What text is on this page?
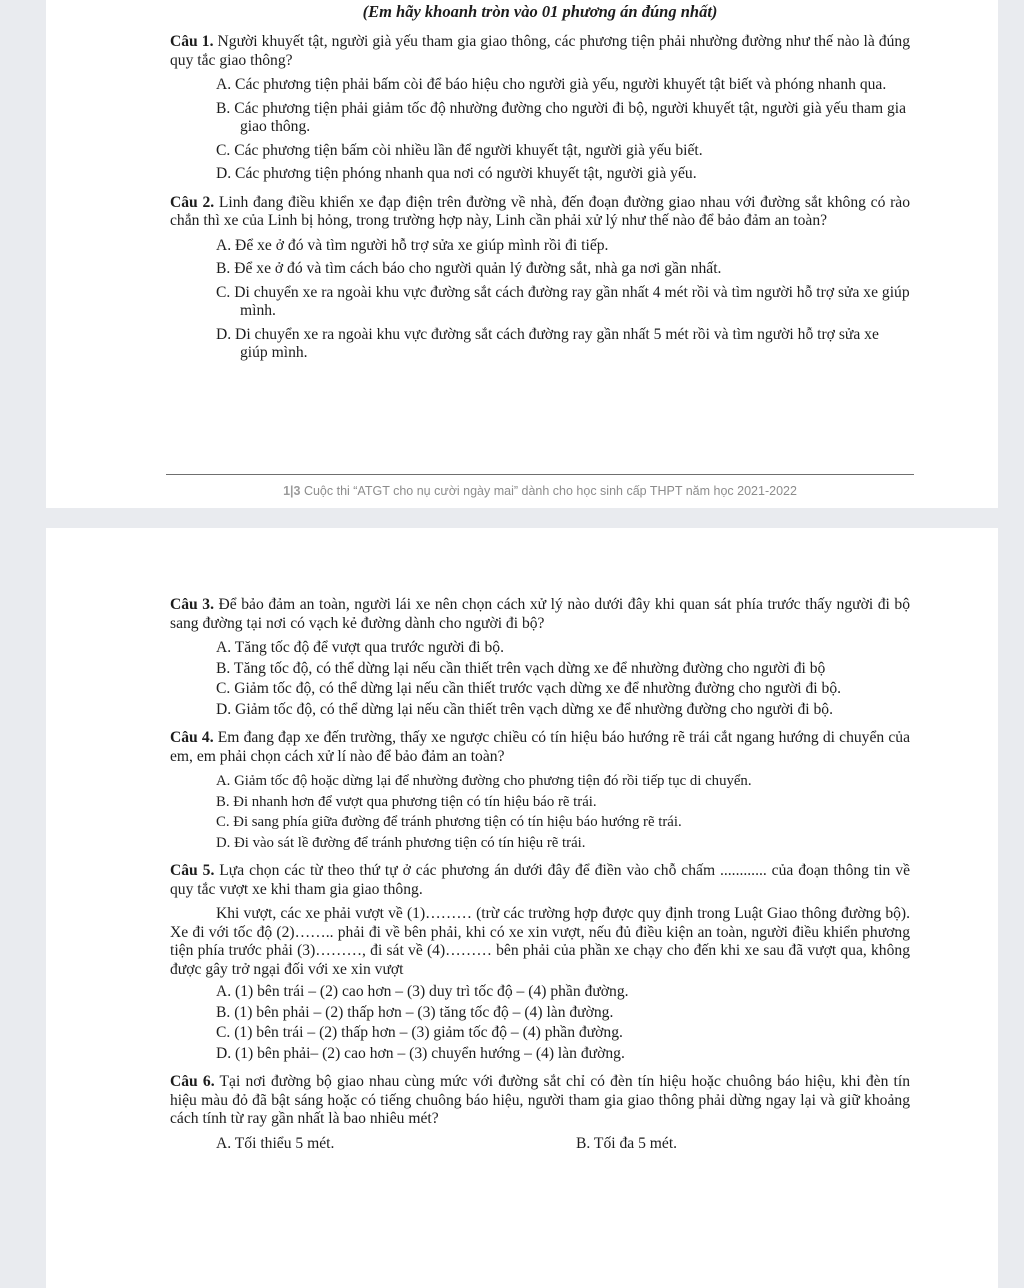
(Em hãy khoanh tròn vào 01 phương án đúng nhất)

Câu 1. Người khuyết tật, người già yếu tham gia giao thông, các phương tiện phải nhường đường như thế nào là đúng quy tắc giao thông?

A. Các phương tiện phải bấm còi để báo hiệu cho người già yếu, người khuyết tật biết và phóng nhanh qua.
B. Các phương tiện phải giảm tốc độ nhường đường cho người đi bộ, người khuyết tật, người già yếu tham gia giao thông.
C. Các phương tiện bấm còi nhiều lần để người khuyết tật, người già yếu biết.
D. Các phương tiện phóng nhanh qua nơi có người khuyết tật, người già yếu.

Câu 2. Linh đang điều khiển xe đạp điện trên đường về nhà, đến đoạn đường giao nhau với đường sắt không có rào chắn thì xe của Linh bị hỏng, trong trường hợp này, Linh cần phải xử lý như thế nào để bảo đảm an toàn?

A. Để xe ở đó và tìm người hỗ trợ sửa xe giúp mình rồi đi tiếp.
B. Để xe ở đó và tìm cách báo cho người quản lý đường sắt, nhà ga nơi gần nhất.
C. Di chuyển xe ra ngoài khu vực đường sắt cách đường ray gần nhất 4 mét rồi và tìm người hỗ trợ sửa xe giúp mình.
D. Di chuyển xe ra ngoài khu vực đường sắt cách đường ray gần nhất 5 mét rồi và tìm người hỗ trợ sửa xe giúp mình.
1|3 Cuộc thi “ATGT cho nụ cười ngày mai” dành cho học sinh cấp THPT năm học 2021-2022

Câu 3. Để bảo đảm an toàn, người lái xe nên chọn cách xử lý nào dưới đây khi quan sát phía trước thấy người đi bộ sang đường tại nơi có vạch kẻ đường dành cho người đi bộ?

A. Tăng tốc độ để vượt qua trước người đi bộ.
B. Tăng tốc độ, có thể dừng lại nếu cần thiết trên vạch dừng xe để nhường đường cho người đi bộ
C. Giảm tốc độ, có thể dừng lại nếu cần thiết trước vạch dừng xe để nhường đường cho người đi bộ.
D. Giảm tốc độ, có thể dừng lại nếu cần thiết trên vạch dừng xe để nhường đường cho người đi bộ.

Câu 4. Em đang đạp xe đến trường, thấy xe ngược chiều có tín hiệu báo hướng rẽ trái cắt ngang hướng di chuyển của em, em phải chọn cách xử lí nào để bảo đảm an toàn?

A. Giảm tốc độ hoặc dừng lại để nhường đường cho phương tiện đó rồi tiếp tục di chuyển.
B. Đi nhanh hơn để vượt qua phương tiện có tín hiệu báo rẽ trái.
C. Đi sang phía giữa đường để tránh phương tiện có tín hiệu báo hướng rẽ trái.
D. Đi vào sát lề đường để tránh phương tiện có tín hiệu rẽ trái.

Câu 5. Lựa chọn các từ theo thứ tự ở các phương án dưới đây để điền vào chỗ chấm ............ của đoạn thông tin về quy tắc vượt xe khi tham gia giao thông.

Khi vượt, các xe phải vượt về (1)……… (trừ các trường hợp được quy định trong Luật Giao thông đường bộ). Xe đi với tốc độ (2)…….. phải đi về bên phải, khi có xe xin vượt, nếu đủ điều kiện an toàn, người điều khiển phương tiện phía trước phải (3)………, đi sát về (4)……… bên phải của phần xe chạy cho đến khi xe sau đã vượt qua, không được gây trở ngại đối với xe xin vượt

A. (1) bên trái – (2) cao hơn – (3) duy trì tốc độ – (4) phần đường.
B. (1) bên phải – (2) thấp hơn – (3) tăng tốc độ – (4) làn đường.
C. (1) bên trái – (2) thấp hơn – (3) giảm tốc độ – (4) phần đường.
D. (1) bên phải– (2) cao hơn – (3) chuyển hướng – (4) làn đường.

Câu 6. Tại nơi đường bộ giao nhau cùng mức với đường sắt chỉ có đèn tín hiệu hoặc chuông báo hiệu, khi đèn tín hiệu màu đỏ đã bật sáng hoặc có tiếng chuông báo hiệu, người tham gia giao thông phải dừng ngay lại và giữ khoảng cách tính từ ray gần nhất là bao nhiêu mét?

A. Tối thiểu 5 mét.	B. Tối đa 5 mét.
